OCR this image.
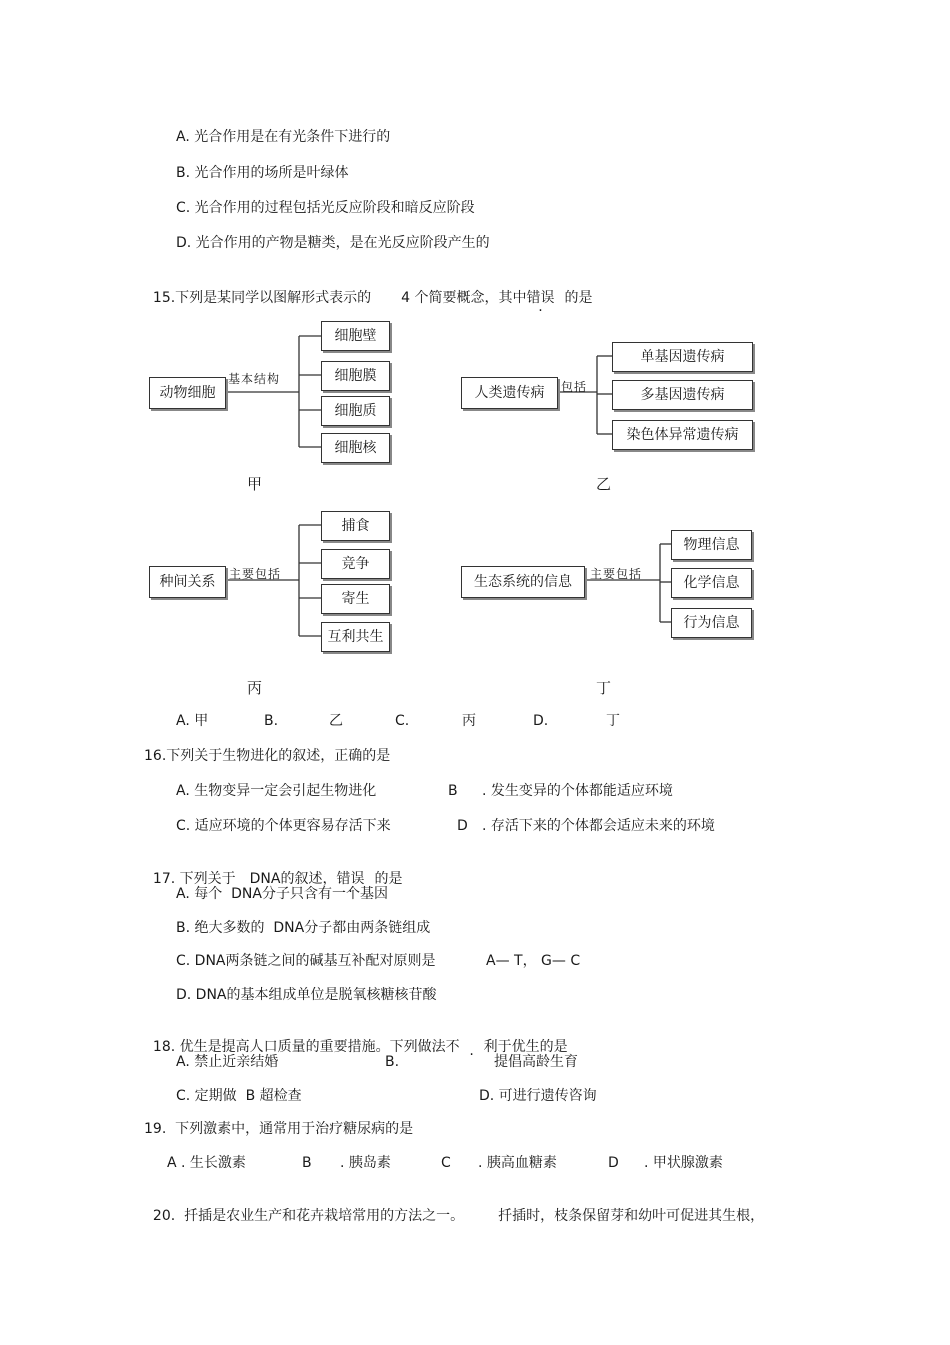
A. 光合作用是在有光条件下进行的
B. 光合作用的场所是叶绿体
C. 光合作用的过程包括光反应阶段和暗反应阶段
D. 光合作用的产物是糖类，是在光反应阶段产生的

15.下列是某同学以图解形式表示的 4 个简要概念，其中错误 的是

动物细胞
基本结构
细胞壁
细胞膜
细胞质
细胞核
甲
人类遗传病	包括
单基因遗传病
多基因遗传病
染色体异常遗传病
乙
种间关系	主要包括
捕食
竞争
寄生
互利共生
丙
生态系统的信息	主要包括
物理信息
化学信息
行为信息
丁
A. 甲	B.	乙	C.	丙	D.	丁
16.下列关于生物进化的叙述，正确的是
A. 生物变异一定会引起生物进化	B . 发生变异的个体都能适应环境
C. 适应环境的个体更容易存活下来	D . 存活下来的个体都会适应未来的环境

17. 下列关于 DNA的叙述，错误 的是

A. 每个  DNA分子只含有一个基因
B. 绝大多数的  DNA分子都由两条链组成
C. DNA两条链之间的碱基互补配对原则是	A— T， G— C
D. DNA的基本组成单位是脱氧核糖核苷酸

18. 优生是提高人口质量的重要措施。下列做法不 利于优生的是

A. 禁止近亲结婚	B.	提倡高龄生育
C. 定期做  B 超检查	D. 可进行遗传咨询
19.  下列激素中，通常用于治疗糖尿病的是
A . 生长激素	B . 胰岛素	C . 胰高血糖素	D . 甲状腺激素

20.  扦插是农业生产和花卉栽培常用的方法之一。 扦插时，枝条保留芽和幼叶可促进其生根，
